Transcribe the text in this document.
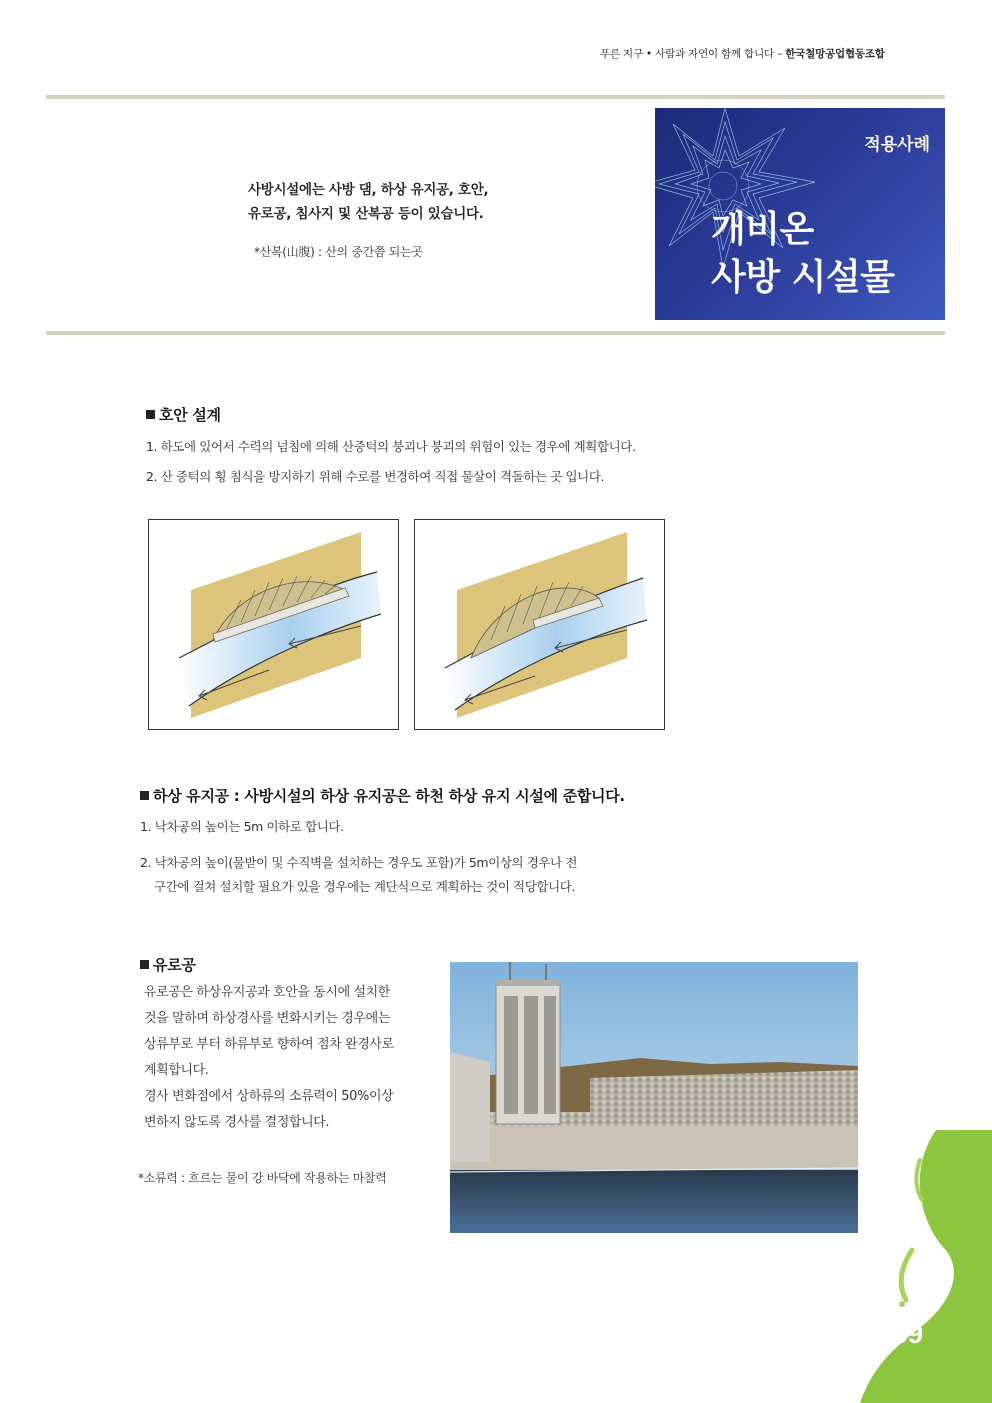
푸른 지구 • 사람과 자연이 함께 합니다 – 한국철망공업협동조합
사방시설에는 사방 댐, 하상 유지공, 호안,
유로공, 침사지 및 산복공 등이 있습니다.
*산복(山腹) : 산의 중간쯤 되는곳
적용사례
개비온
사방 시설물
호안 설계
1. 하도에 있어서 수력의 넘침에 의해 산중턱의 붕괴나 붕괴의 위험이 있는 경우에 계획합니다.
2. 산 중턱의 횡 침식을 방지하기 위해 수로를 변경하여 직접 물살이 격돌하는 곳 입니다.
하상 유지공 : 사방시설의 하상 유지공은 하천 하상 유지 시설에 준합니다.
1. 낙차공의 높이는 5m 이하로 합니다.
2. 낙차공의 높이(물받이 및 수직벽을 설치하는 경우도 포함)가 5m이상의 경우나 전
구간에 걸쳐 설치할 필요가 있을 경우에는 계단식으로 계획하는 것이 적당합니다.
유로공
유로공은 하상유지공과 호안을 동시에 설치한
것을 말하며 하상경사를 변화시키는 경우에는
상류부로 부터 하류부로 향하여 점차 완경사로
계획합니다.
경사 변화점에서 상하류의 소류력이 50%이상
변하지 않도록 경사를 결정합니다.
*소류력 : 흐르는 물이 강 바닥에 작용하는 마찰력
59
